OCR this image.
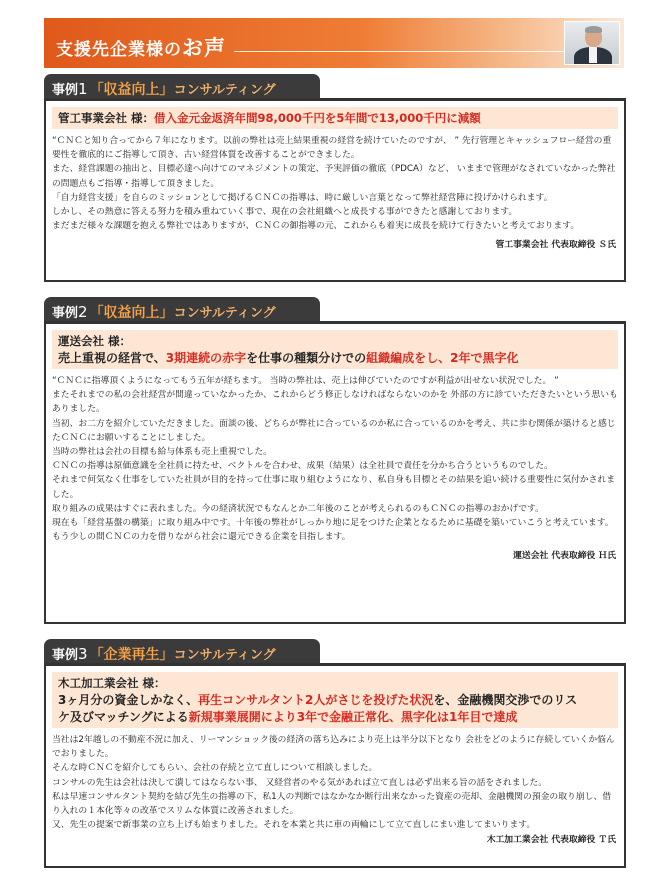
支援先企業様のお声
事例1 「収益向上」コンサルティング
管工事業会社 様：借入金元金返済年間98,000千円を5年間で13,000千円に減額
“ＣＮＣと知り合ってから７年になります。以前の弊社は売上結果重視の経営を続けていたのですが、 ” 先行管理とキャッシュフロー経営の重要性を徹底的にご指導して頂き、古い経営体質を改善することができました。
また、経営課題の抽出と、目標必達へ向けてのマネジメントの策定、予実評価の徹底（PDCA）など、 いままで管理がなされていなかった弊社の問題点もご指導・指導して頂きました。
「自力経営支援」を自らのミッションとして掲げるＣＮＣの指導は、時に厳しい言葉となって弊社経営陣に投げかけられます。
しかし、その熱意に答える努力を積み重ねていく事で、現在の会社組織へと成長する事ができたと感謝しております。
まだまだ様々な課題を抱える弊社ではありますが、ＣＮＣの御指導の元、これからも着実に成長を続けて行きたいと考えております。
管工事業会社 代表取締役 Ｓ氏
事例2 「収益向上」コンサルティング
運送会社 様：
売上重視の経営で、3期連続の赤字を仕事の種類分けでの組織編成をし、2年で黒字化
“ＣＮＣに指導頂くようになってもう五年が経ちます。 当時の弊社は、売上は伸びていたのですが利益が出せない状況でした。 ”
またそれまでの私の会社経営が間違っていなかったか、これからどう修正しなければならないのかを 外部の方に診ていただきたいという思いもありました。
当初、お二方を紹介していただきました。面談の後、どちらが弊社に合っているのか私に合っているのかを考え、共に歩む関係が築けると感じたＣＮＣにお願いすることにしました。
当時の弊社は会社の目標も給与体系も売上重視でした。
ＣＮＣの指導は原価意識を全社員に持たせ、ベクトルを合わせ、成果（結果）は全社員で責任を分かち合うというものでした。
それまで何気なく仕事をしていた社員が目的を持って仕事に取り組むようになり、私自身も目標とその結果を追い続ける重要性に気付かされました。
取り組みの成果はすぐに表れました。今の経済状況でもなんとか二年後のことが考えられるのもＣＮＣの指導のおかげです。
現在も「経営基盤の構築」に取り組み中です。十年後の弊社がしっかり地に足をつけた企業となるために基礎を築いていこうと考えています。
もう少しの間ＣＮＣの力を借りながら社会に還元できる企業を目指します。
運送会社 代表取締役 Ｈ氏
事例3 「企業再生」コンサルティング
木工加工業会社 様：
3ヶ月分の資金しかなく、再生コンサルタント2人がさじを投げた状況を、金融機関交渉でのリス
ケ及びマッチングによる新規事業展開により3年で金融正常化、黒字化は1年目で達成
当社は2年越しの不動産不況に加え、リーマンショック後の経済の落ち込みにより売上は半分以下となり 会社をどのように存続していくか悩んでおりました。
そんな時ＣＮＣを紹介してもらい、会社の存続と立て直しについて相談しました。
コンサルの先生は会社は決して潰してはならない事、 又経営者のやる気があれば立て直しは必ず出来る旨の話をされました。
私は早速コンサルタント契約を結び先生の指導の下、私1人の判断ではなかなか断行出来なかった資産の売却、金融機関の預金の取り崩し、借り入れの１本化等々の改革でスリムな体質に改善されました。
又、先生の提案で新事業の立ち上げも始まりました。それを本業と共に車の両輪にして立て直しにまい進してまいります。
木工加工業会社 代表取締役 Ｔ氏
